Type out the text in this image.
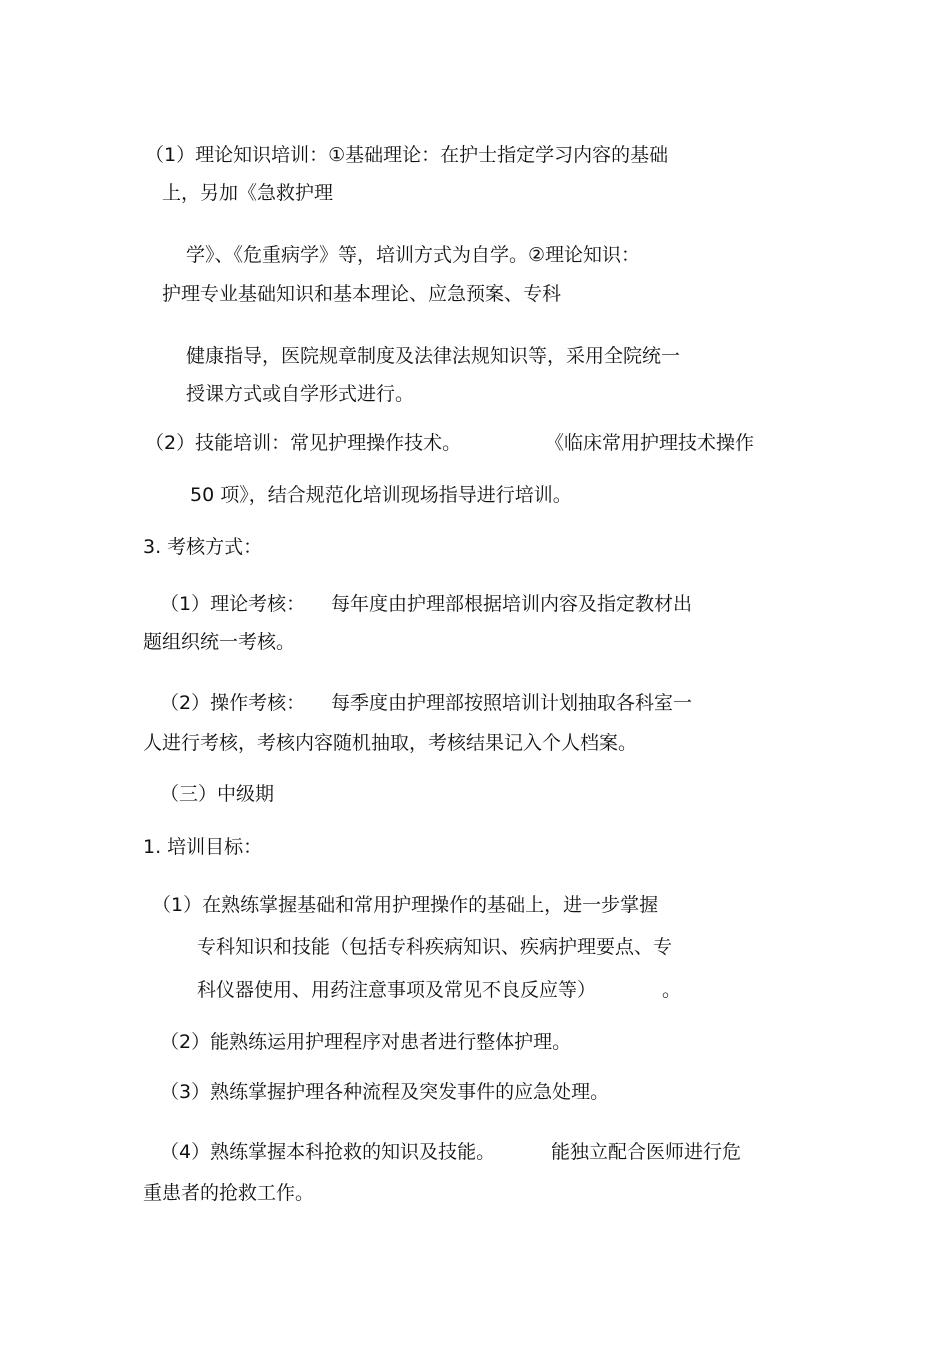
（1）理论知识培训：①基础理论：在护士指定学习内容的基础
上，另加《急救护理
学》、《危重病学》等，培训方式为自学。②理论知识：
护理专业基础知识和基本理论、应急预案、专科
健康指导，医院规章制度及法律法规知识等，采用全院统一
授课方式或自学形式进行。
（2）技能培训：常见护理操作技术。	《临床常用护理技术操作
50 项》，结合规范化培训现场指导进行培训。
3. 考核方式：
（1）理论考核： 每年度由护理部根据培训内容及指定教材出
题组织统一考核。
（2）操作考核： 每季度由护理部按照培训计划抽取各科室一
人进行考核，考核内容随机抽取，考核结果记入个人档案。
（三）中级期
1. 培训目标：
（1）在熟练掌握基础和常用护理操作的基础上，进一步掌握
专科知识和技能（包括专科疾病知识、疾病护理要点、专
科仪器使用、用药注意事项及常见不良反应等）	。
（2）能熟练运用护理程序对患者进行整体护理。
（3）熟练掌握护理各种流程及突发事件的应急处理。
（4）熟练掌握本科抢救的知识及技能。	能独立配合医师进行危
重患者的抢救工作。
